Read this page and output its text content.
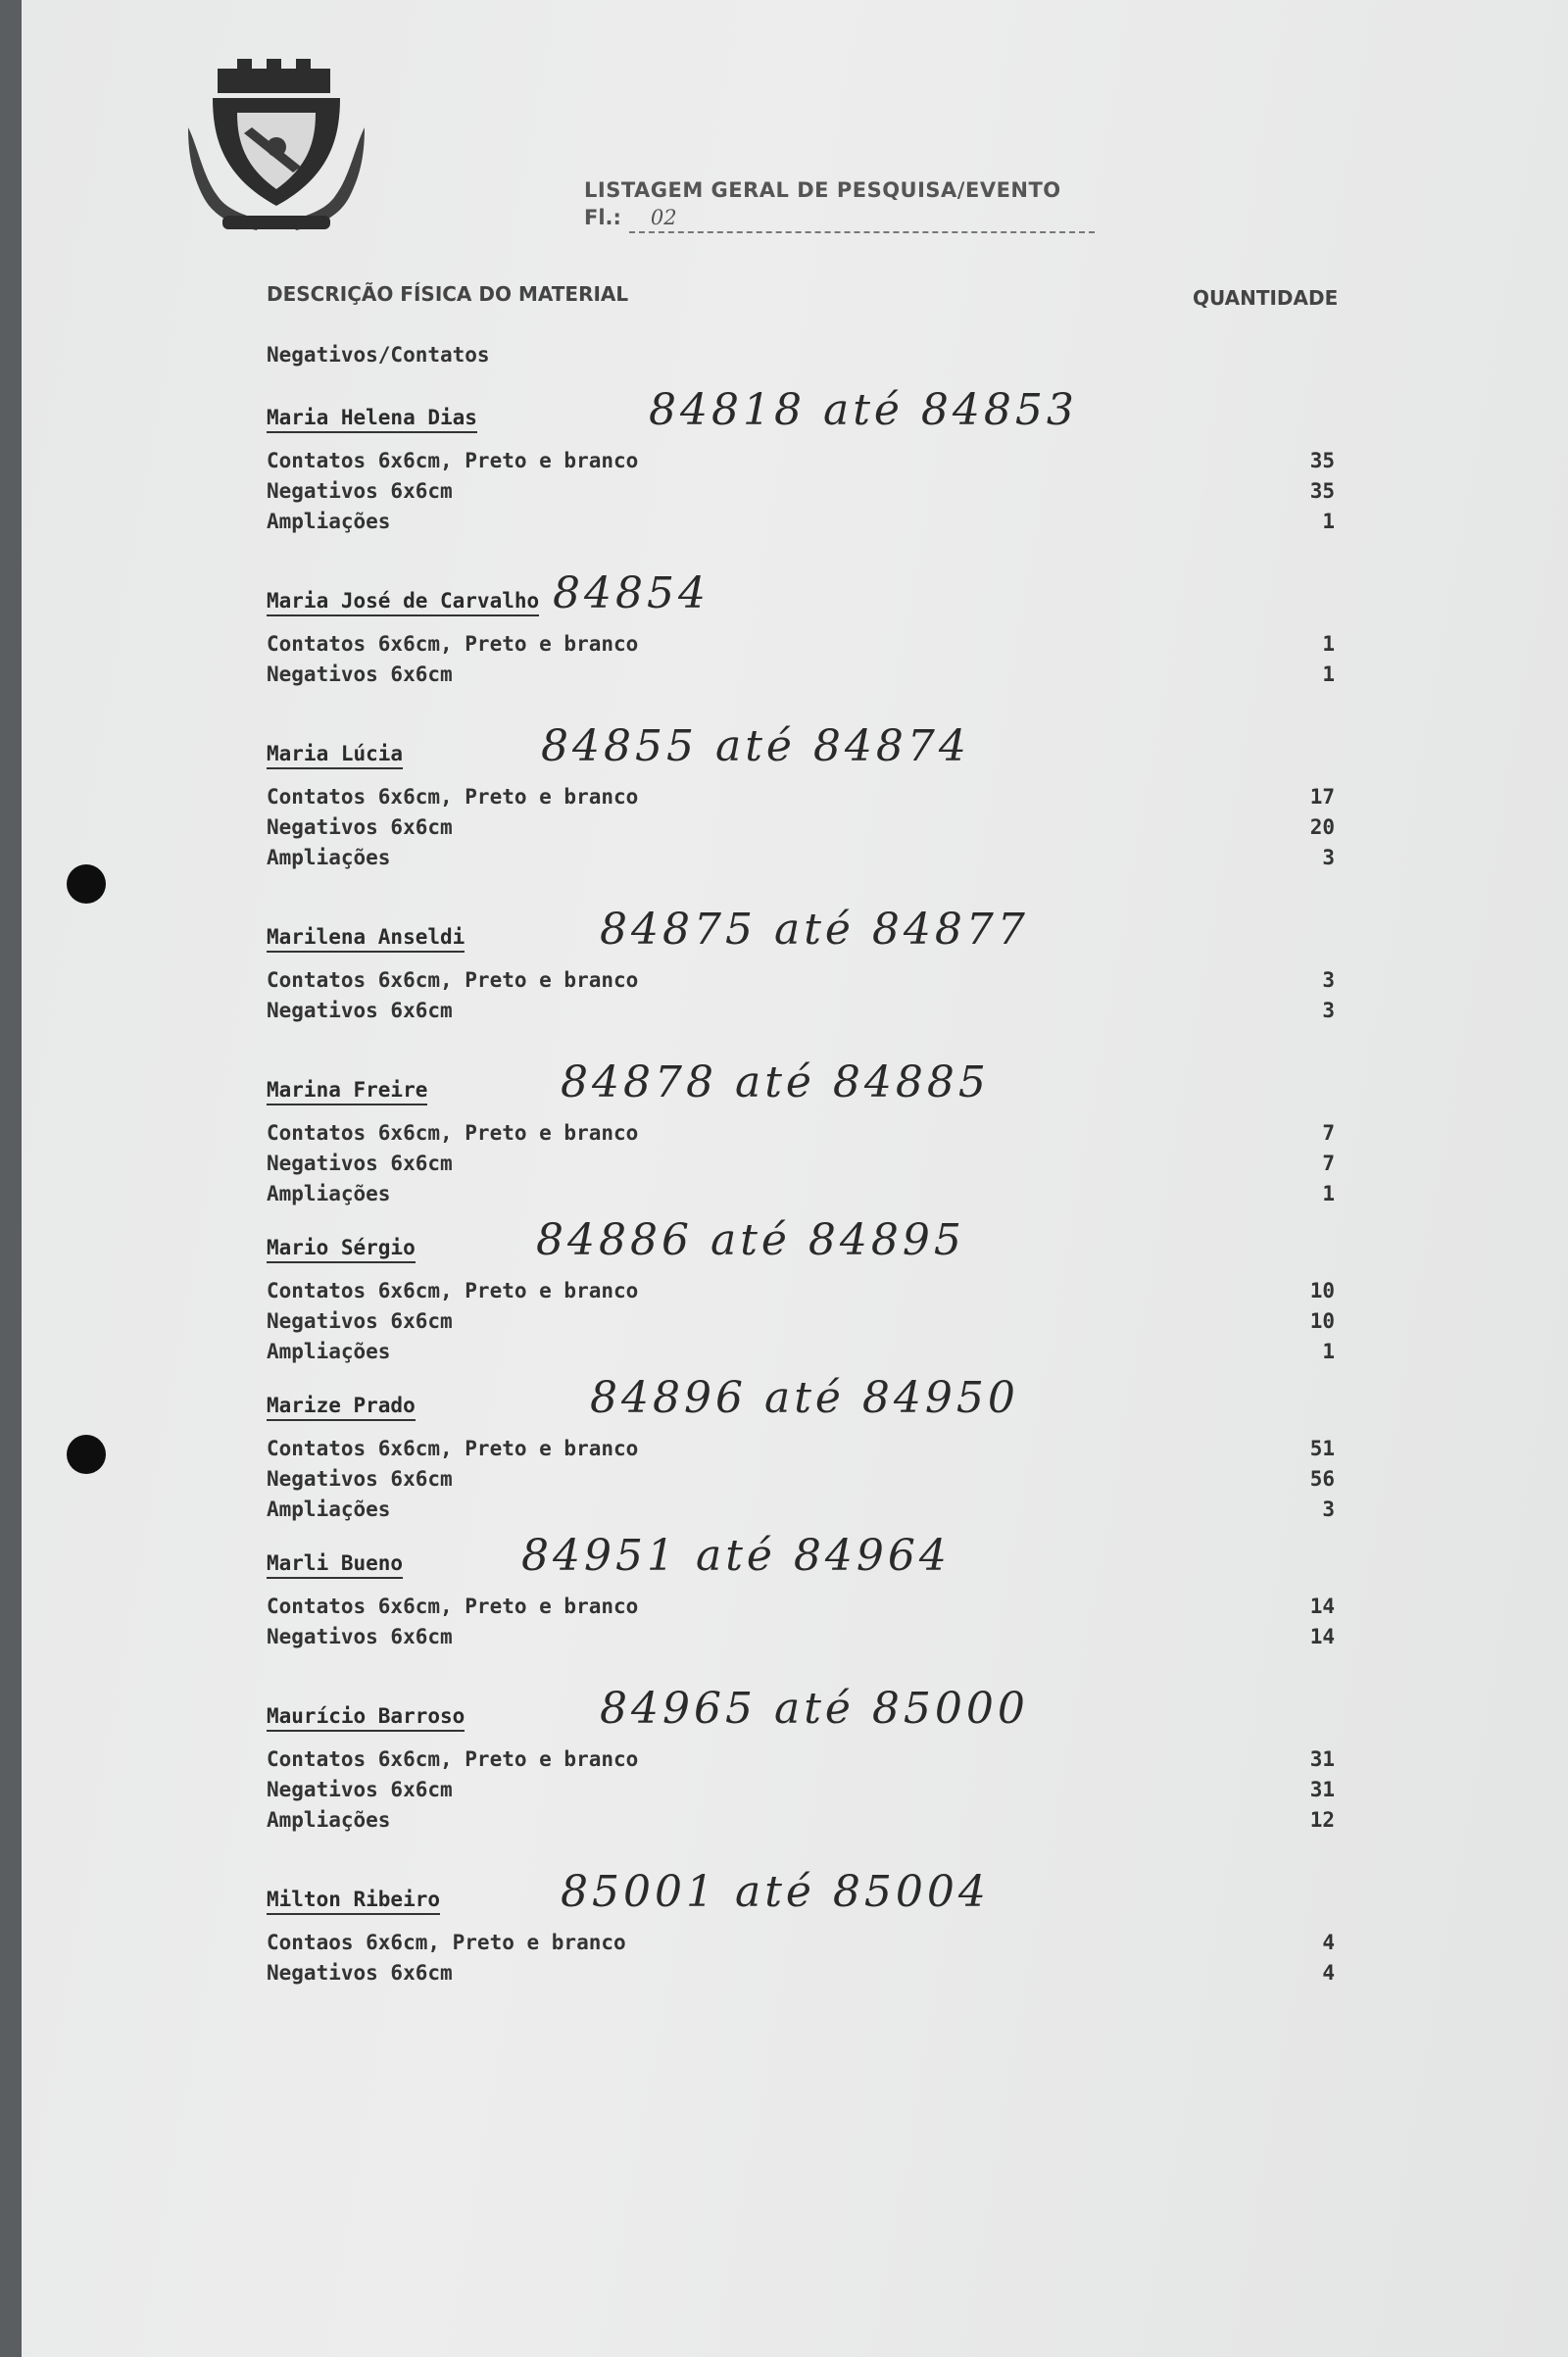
LISTAGEM GERAL DE PESQUISA/EVENTO
Fl.: 02
DESCRIÇÃO FÍSICA DO MATERIAL	QUANTIDADE
Negativos/Contatos
Maria Helena Dias	84818 até 84853
Contatos 6x6cm, Preto e branco	35
Negativos 6x6cm	35
Ampliações	1
Maria José de Carvalho 84854
Contatos 6x6cm, Preto e branco	1
Negativos 6x6cm	1
Maria Lúcia	84855 até 84874
Contatos 6x6cm, Preto e branco	17
Negativos 6x6cm	20
Ampliações	3
Marilena Anseldi	84875 até 84877
Contatos 6x6cm, Preto e branco	3
Negativos 6x6cm	3
Marina Freire	84878 até 84885
Contatos 6x6cm, Preto e branco	7
Negativos 6x6cm	7
Ampliações	1
Mario Sérgio	84886 até 84895
Contatos 6x6cm, Preto e branco	10
Negativos 6x6cm	10
Ampliações	1
Marize Prado	84896 até 84950
Contatos 6x6cm, Preto e branco	51
Negativos 6x6cm	56
Ampliações	3
Marli Bueno	84951 até 84964
Contatos 6x6cm, Preto e branco	14
Negativos 6x6cm	14
Maurício Barroso	84965 até 85000
Contatos 6x6cm, Preto e branco	31
Negativos 6x6cm	31
Ampliações	12
Milton Ribeiro	85001 até 85004
Contaos 6x6cm, Preto e branco	4
Negativos 6x6cm	4
